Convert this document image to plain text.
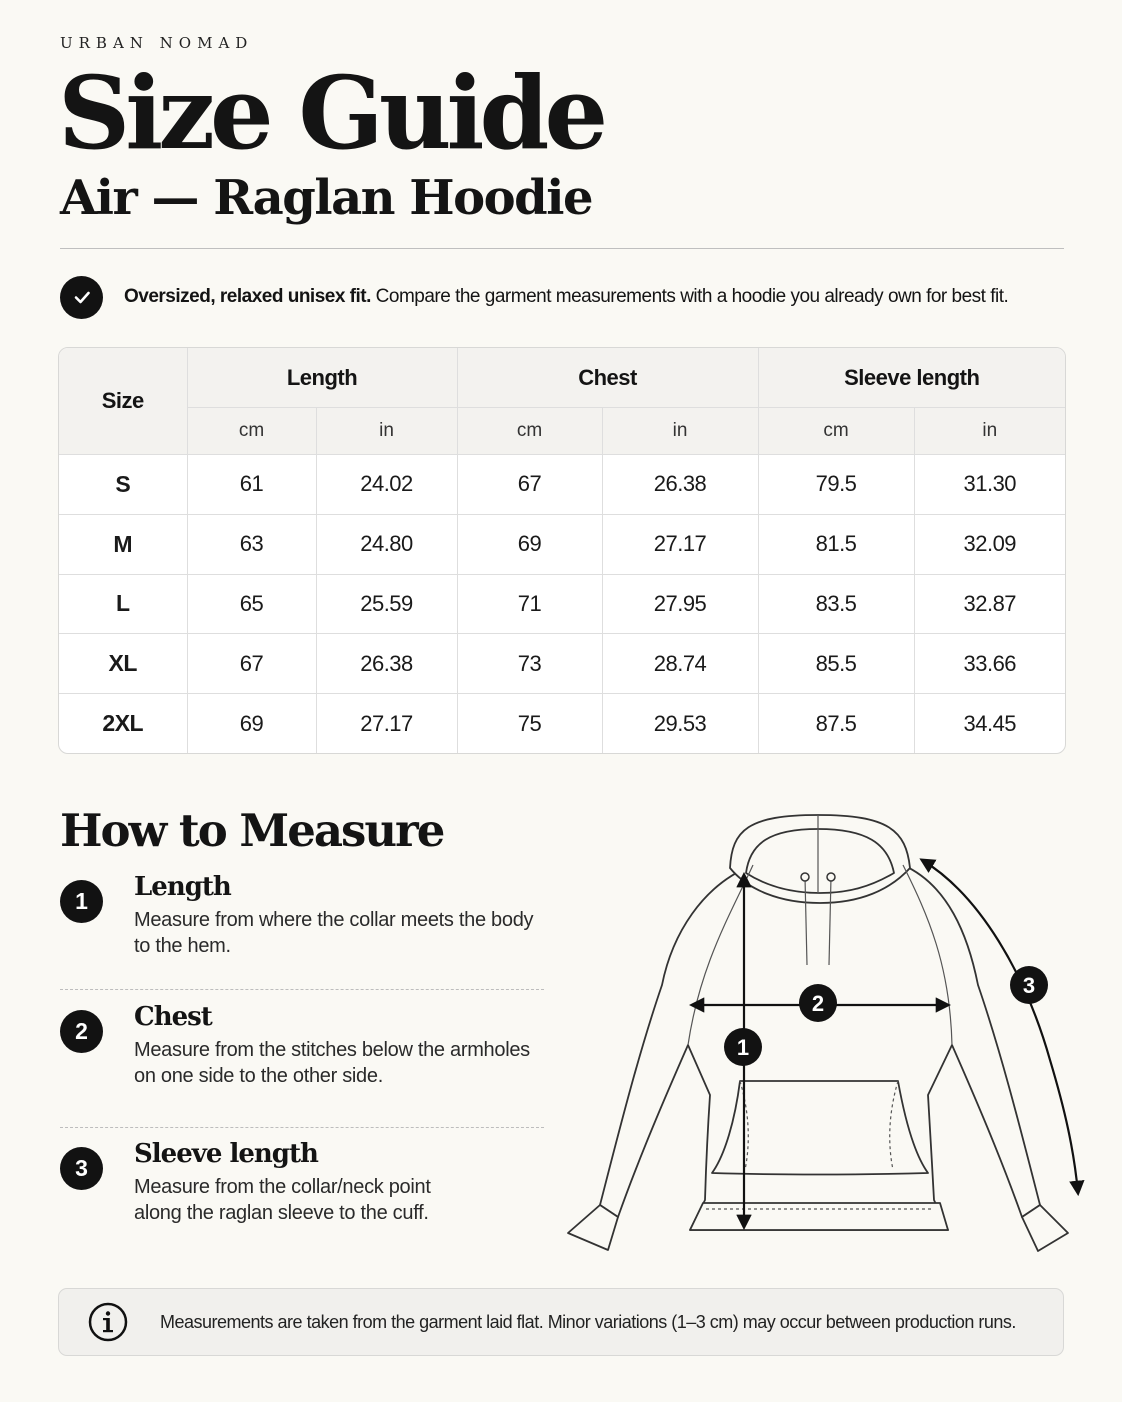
URBAN NOMAD
Size Guide
Air — Raglan Hoodie
Oversized, relaxed unisex fit. Compare the garment measurements with a hoodie you already own for best fit.
Size	Length		Chest		Sleeve length	
	cm	in	cm	in	cm	in
S	61	24.02	67	26.38	79.5	31.30
M	63	24.80	69	27.17	81.5	32.09
L	65	25.59	71	27.95	83.5	32.87
XL	67	26.38	73	28.74	85.5	33.66
2XL	69	27.17	75	29.53	87.5	34.45
How to Measure
1	Length

Measure from where the collar meets the body to the hem.

2	Chest

Measure from the stitches below the armholes on one side to the other side.

3	Sleeve length

Measure from the collar/neck point along the raglan sleeve to the cuff.

1
2
3
Measurements are taken from the garment laid flat. Minor variations (1–3 cm) may occur between production runs.
